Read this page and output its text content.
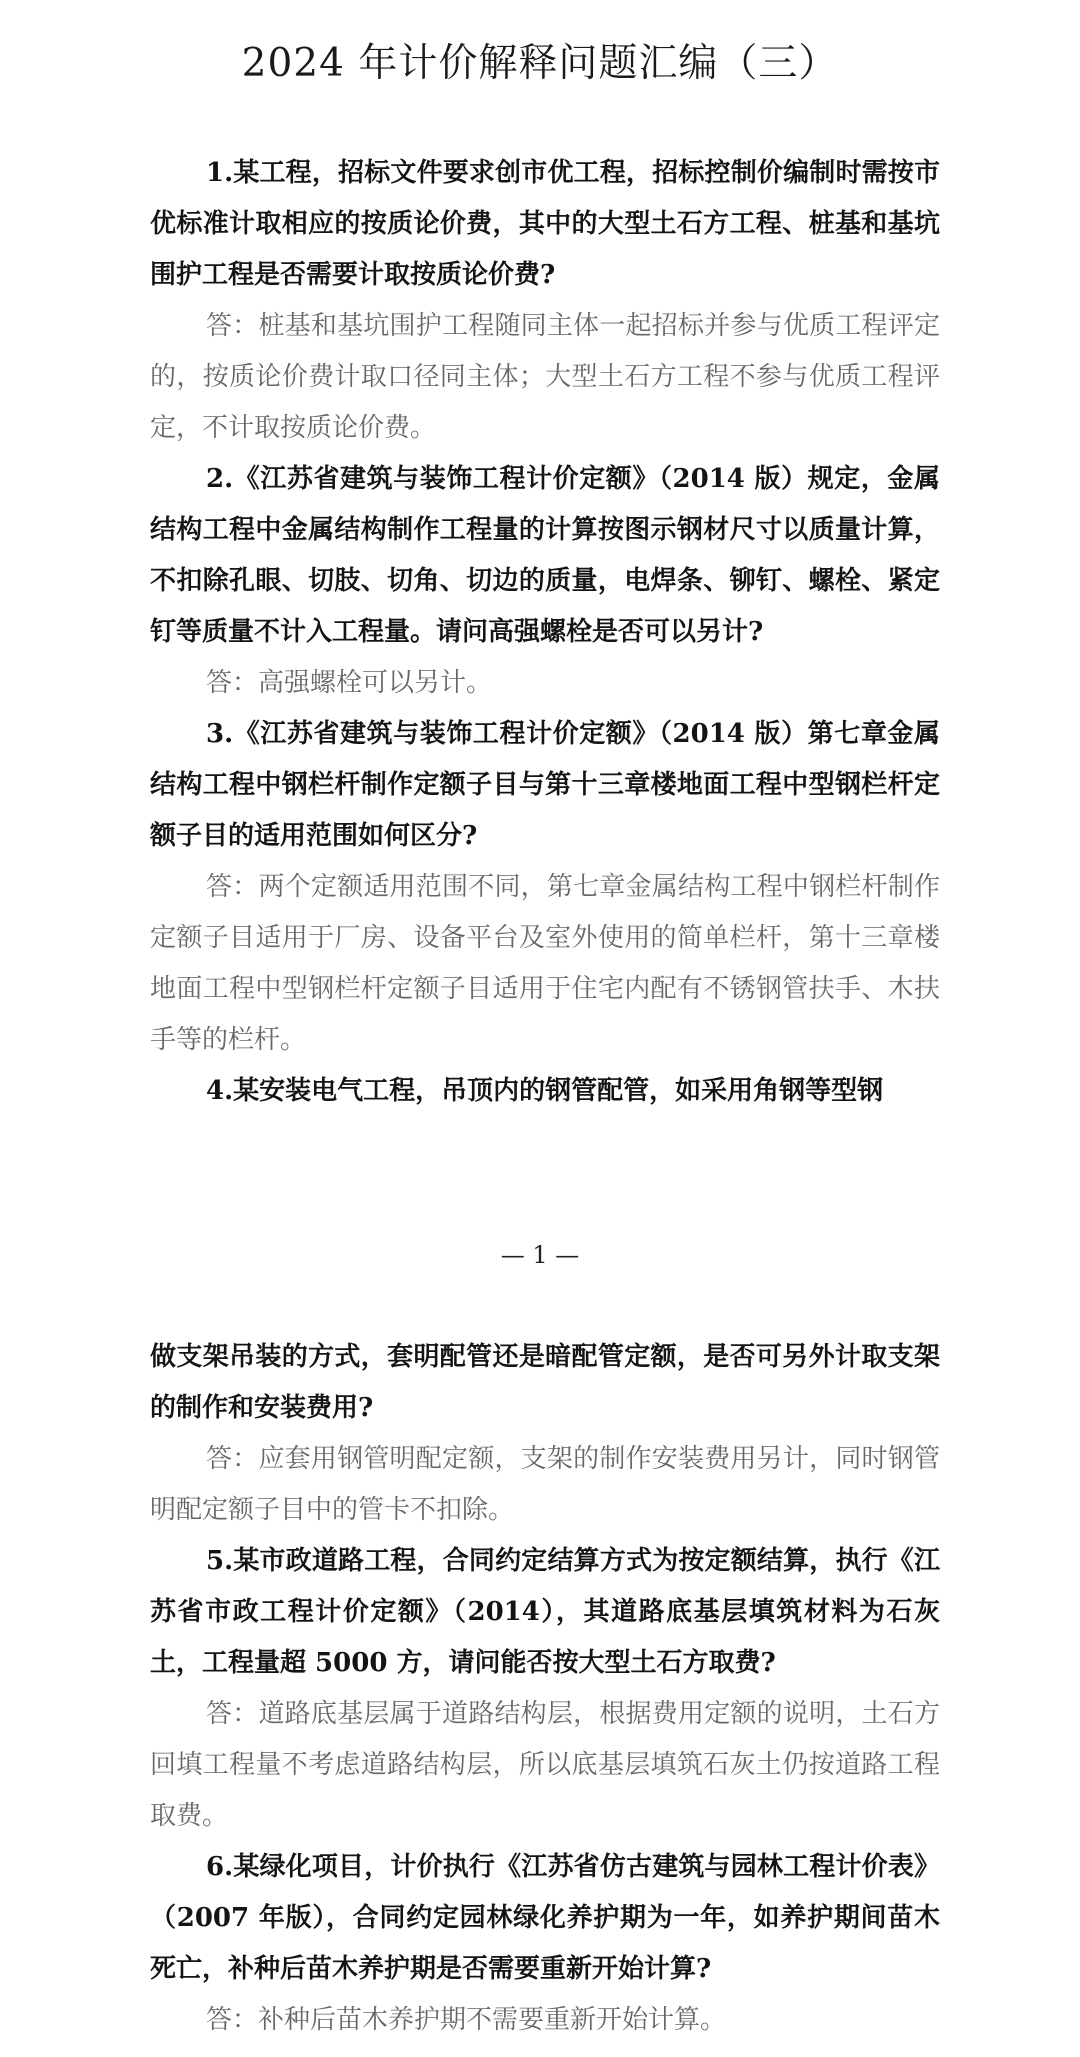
2024 年计价解释问题汇编（三）

1.某工程，招标文件要求创市优工程，招标控制价编制时需按市优标准计取相应的按质论价费，其中的大型土石方工程、桩基和基坑围护工程是否需要计取按质论价费?

答：桩基和基坑围护工程随同主体一起招标并参与优质工程评定的，按质论价费计取口径同主体；大型土石方工程不参与优质工程评定，不计取按质论价费。

2.《江苏省建筑与装饰工程计价定额》（2014 版）规定，金属结构工程中金属结构制作工程量的计算按图示钢材尺寸以质量计算，不扣除孔眼、切肢、切角、切边的质量，电焊条、铆钉、螺栓、紧定钉等质量不计入工程量。请问高强螺栓是否可以另计?

答：高强螺栓可以另计。

3.《江苏省建筑与装饰工程计价定额》（2014 版）第七章金属结构工程中钢栏杆制作定额子目与第十三章楼地面工程中型钢栏杆定额子目的适用范围如何区分?

答：两个定额适用范围不同，第七章金属结构工程中钢栏杆制作定额子目适用于厂房、设备平台及室外使用的简单栏杆，第十三章楼地面工程中型钢栏杆定额子目适用于住宅内配有不锈钢管扶手、木扶手等的栏杆。

4.某安装电气工程，吊顶内的钢管配管，如采用角钢等型钢

— 1 —

做支架吊装的方式，套明配管还是暗配管定额，是否可另外计取支架的制作和安装费用?

答：应套用钢管明配定额，支架的制作安装费用另计，同时钢管明配定额子目中的管卡不扣除。

5.某市政道路工程，合同约定结算方式为按定额结算，执行《江苏省市政工程计价定额》（2014），其道路底基层填筑材料为石灰土，工程量超 5000 方，请问能否按大型土石方取费?

答：道路底基层属于道路结构层，根据费用定额的说明，土石方回填工程量不考虑道路结构层，所以底基层填筑石灰土仍按道路工程取费。

6.某绿化项目，计价执行《江苏省仿古建筑与园林工程计价表》（2007 年版），合同约定园林绿化养护期为一年，如养护期间苗木死亡，补种后苗木养护期是否需要重新开始计算?

答：补种后苗木养护期不需要重新开始计算。
